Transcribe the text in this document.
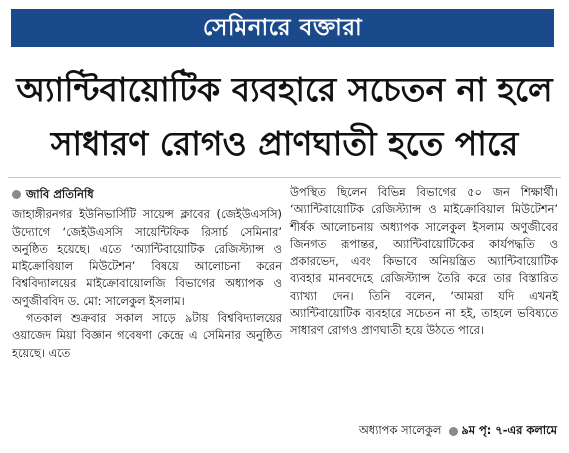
সেমিনারে বক্তারা
অ্যান্টিবায়োটিক ব্যবহারে সচেতন না হলে
সাধারণ রোগও প্রাণঘাতী হতে পারে
জাবি প্রতিনিধি

জাহাঙ্গীরনগর ইউনিভার্সিটি সায়েন্স ক্লাবের (জেইউএসসি) উদ্যোগে ‘জেইউএসসি সায়েন্টিফিক রিসার্চ সেমিনার’ অনুষ্ঠিত হয়েছে। এতে ‘অ্যান্টিবায়োটিক রেজিস্ট্যান্স ও মাইক্রোবিয়াল মিউটেশন’ বিষয়ে আলোচনা করেন বিশ্ববিদ্যালয়ের মাইক্রোবায়োলজি বিভাগের অধ্যাপক ও অণুজীববিদ ড. মো: সালেকুল ইসলাম।

গতকাল শুক্রবার সকাল সাড়ে ৯টায় বিশ্ববিদ্যালয়ের ওয়াজেদ মিয়া বিজ্ঞান গবেষণা কেন্দ্রে এ সেমিনার অনুষ্ঠিত হয়েছে। এতে

উপস্থিত ছিলেন বিভিন্ন বিভাগের ৫০ জন শিক্ষার্থী। ‘অ্যান্টিবায়োটিক রেজিস্ট্যান্স ও মাইক্রোবিয়াল মিউটেশন’ শীর্ষক আলোচনায় অধ্যাপক সালেকুল ইসলাম অণুজীবের জিনগত রূপান্তর, অ্যান্টিবায়োটিকের কার্যপদ্ধতি ও প্রকারভেদ, এবং কিভাবে অনিয়ন্ত্রিত অ্যান্টিবায়োটিক ব্যবহার মানবদেহে রেজিস্ট্যান্স তৈরি করে তার বিস্তারিত ব্যাখ্যা দেন। তিনি বলেন, ‘আমরা যদি এখনই অ্যান্টিবায়োটিক ব্যবহারে সচেতন না হই, তাহলে ভবিষ্যতে সাধারণ রোগও প্রাণঘাতী হয়ে উঠতে পারে।

অধ্যাপক সালেকুল ৯ম পৃ: ৭-এর কলামে
